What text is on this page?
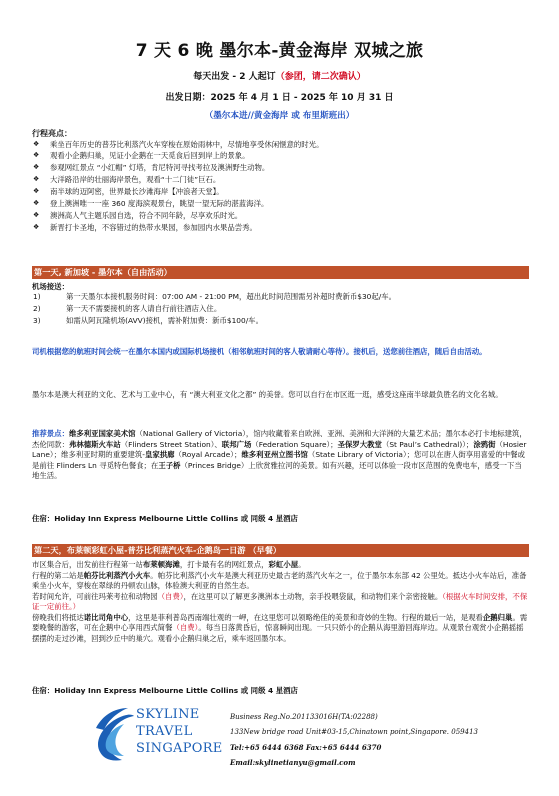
7 天 6 晚 墨尔本-黄金海岸 双城之旅
每天出发 - 2 人起订（参团，请二次确认）
出发日期：2025 年 4 月 1 日 - 2025 年 10 月 31 日
（墨尔本进//黄金海岸 或 布里斯班出）
行程亮点：
❖ 乘坐百年历史的普芬比利蒸汽火车穿梭在原始雨林中，尽情地享受休闲惬意的时光。
❖ 观看小企鹅归巢，见证小企鹅在一天觅食后回到岸上的景象。
❖ 参观网红景点 “小红帽” 灯塔，肯尼特河寻找考拉及澳洲野生动物。
❖ 大洋路沿岸的壮丽海岸景色，观看“十二门徒”巨石。
❖ 南半球的迈阿密，世界最长沙滩海岸【冲浪者天堂】。
❖ 登上澳洲唯一一座 360 度海滨观景台，眺望一望无际的湛蓝海洋。
❖ 澳洲高人气主题乐园自选，符合不同年龄，尽享欢乐时光。
❖ 新晋打卡圣地，不容错过的热带水果园，参加园内水果品尝秀。
第一天, 新加坡 - 墨尔本（自由活动）
机场接送：
1)	第一天墨尔本接机服务时间：07:00 AM - 21:00 PM，超出此时间范围需另补超时费新币$30起/车。
2)	第一天不需要接机的客人请自行前往酒店入住。
3)	如需从阿瓦隆机场(AVV)接机，需补附加费：新币$100/车。
司机根据您的航班时间会统一在墨尔本国内或国际机场接机（相邻航班时间的客人敬请耐心等待）。接机后，送您前往酒店，随后自由活动。
墨尔本是澳大利亚的文化、艺术与工业中心，有 “澳大利亚文化之都” 的美誉。您可以自行在市区逛一逛，感受这座南半球最负胜名的文化名城。
推荐景点：维多利亚国家美术馆（National Gallery of Victoria），馆内收藏着来自欧洲、亚洲、美洲和大洋洲的大量艺术品；墨尔本必打卡地标建筑，杰伦同款：弗林德斯火车站（Flinders Street Station）、联邦广场（Federation Square）；圣保罗大教堂（St Paul’s Cathedral)）；涂鸦街（Hosier Lane）；维多利亚时期的重要建筑-皇家拱廊（Royal Arcade）；维多利亚州立图书馆（State Library of Victoria）；您可以在唐人街享用喜爱的中餐或是前往 Flinders Ln 寻觅特色餐食；在王子桥（Princes Bridge）上欣赏雅拉河的美景。如有兴趣，还可以体验一段市区范围的免费电车，感受一下当地生活。
住宿：Holiday Inn Express Melbourne Little Collins 或 同级 4 星酒店
第二天，布莱顿彩虹小屋-普芬比利蒸汽火车-企鹅岛一日游 （早餐）
市区集合后，出发前往行程第一站布莱顿海滩，打卡最有名的网红景点，彩虹小屋。
行程的第二站是帕芬比利蒸汽小火车。帕芬比利蒸汽小火车是澳大利亚历史最古老的蒸汽火车之一，位于墨尔本东部 42 公里处。抵达小火车站后，准备乘坐小火车，穿梭在翠绿的丹顿农山脉，体验澳大利亚的自然生态。
若时间允许，可前往玛莱考拉和动物园（自费），在这里可以了解更多澳洲本土动物，亲手投喂袋鼠，和动物们来个亲密接触。（根据火车时间安排，不保证一定前往。）
傍晚我们将抵达诺比司角中心，这里是菲利普岛西南端壮观的一岬，在这里您可以领略绝佳的美景和奇妙的生物。行程的最后一站，是观看企鹅归巢。需要晚餐的游客，可在企鹅中心享用西式简餐（自费）。每当日落黄昏后，惊喜瞬间出现。一只只娇小的企鹅从海里游回海岸边。从观景台观赏小企鹅摇摇摆摆的走过沙滩，回到沙丘中的巢穴。观看小企鹅归巢之后，乘车返回墨尔本。
住宿：Holiday Inn Express Melbourne Little Collins 或 同级 4 星酒店
SKYLINE
TRAVEL
SINGAPORE
Business Reg.No.201133016H(TA:02288)
133New bridge road Unit#03-15,Chinatown point,Singapore. 059413
Tel:+65 6444 6368 Fax:+65 6444 6370
Email:skylinetianyu@gmail.com
